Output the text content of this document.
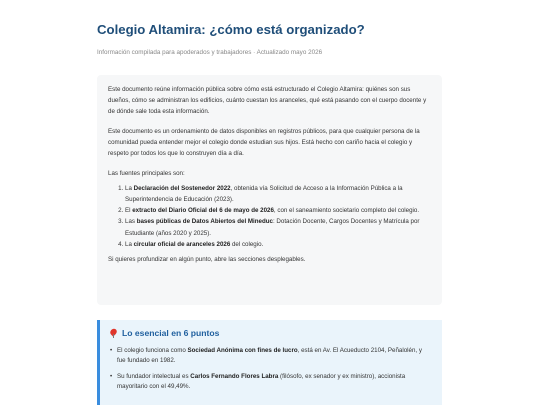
Colegio Altamira: ¿cómo está organizado?
Información compilada para apoderados y trabajadores · Actualizado mayo 2026

Este documento reúne información pública sobre cómo está estructurado el Colegio Altamira: quiénes son sus dueños, cómo se administran los edificios, cuánto cuestan los aranceles, qué está pasando con el cuerpo docente y de dónde sale toda esta información.

Este documento es un ordenamiento de datos disponibles en registros públicos, para que cualquier persona de la comunidad pueda entender mejor el colegio donde estudian sus hijos. Está hecho con cariño hacia el colegio y respeto por todos los que lo construyen día a día.

Las fuentes principales son:

1. La Declaración del Sostenedor 2022, obtenida vía Solicitud de Acceso a la Información Pública a la Superintendencia de Educación (2023).
2. El extracto del Diario Oficial del 6 de mayo de 2026, con el saneamiento societario completo del colegio.
3. Las bases públicas de Datos Abiertos del Mineduc: Dotación Docente, Cargos Docentes y Matrícula por Estudiante (años 2020 y 2025).
4. La circular oficial de aranceles 2026 del colegio.

Si quieres profundizar en algún punto, abre las secciones desplegables.

Lo esencial en 6 puntos
• El colegio funciona como Sociedad Anónima con fines de lucro, está en Av. El Acueducto 2104, Peñalolén, y fue fundado en 1982.
• Su fundador intelectual es Carlos Fernando Flores Labra (filósofo, ex senador y ex ministro), accionista mayoritario con el 49,49%.
